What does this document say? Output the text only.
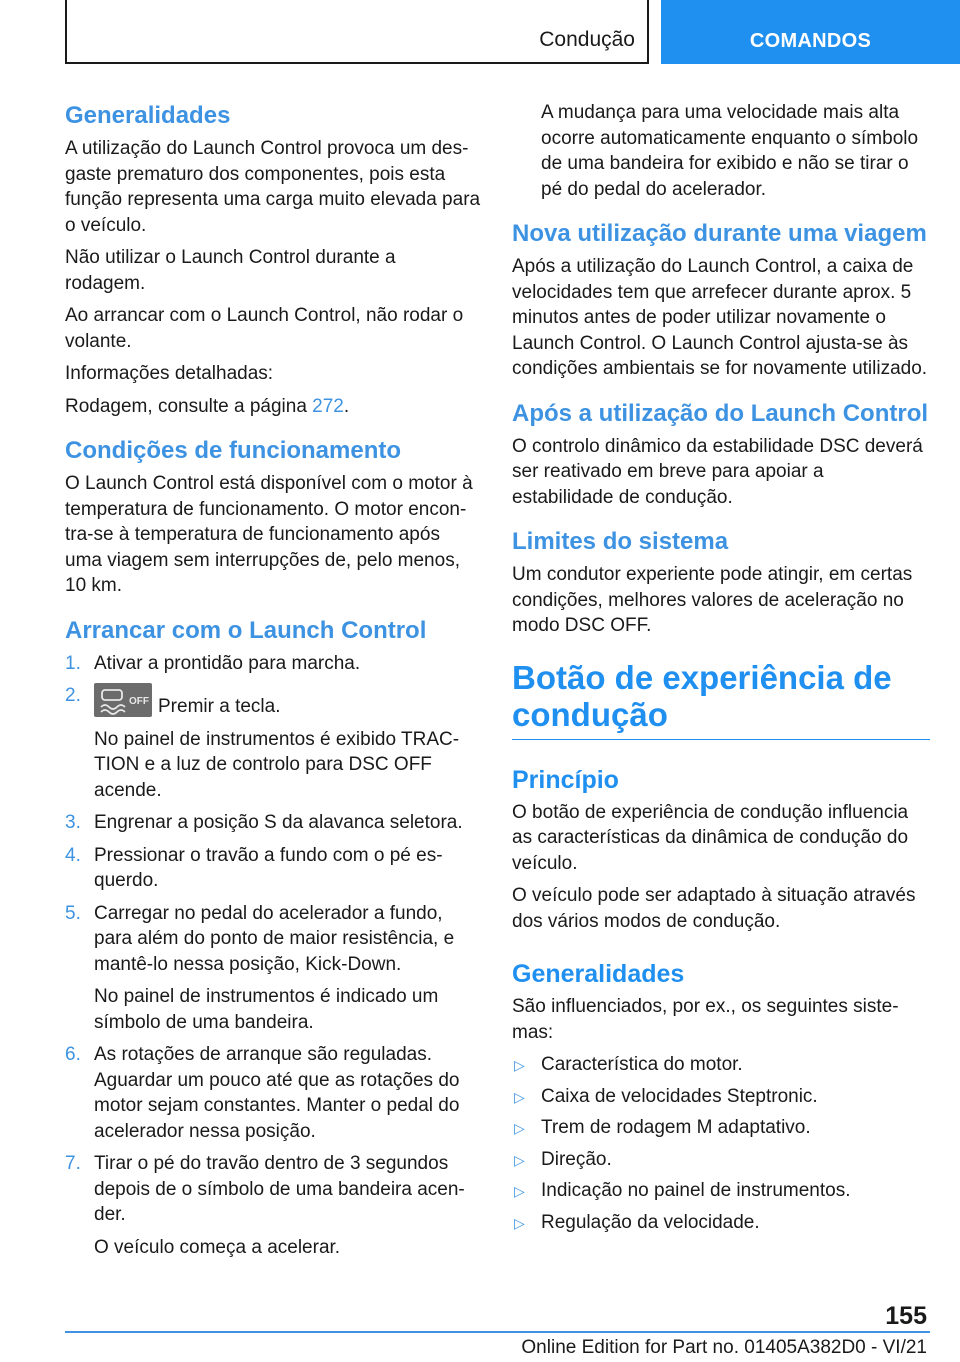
Condução	COMANDOS
Generalidades

A utilização do Launch Control provoca um desgaste prematuro dos componentes, pois esta função representa uma carga muito elevada para o veículo.

Não utilizar o Launch Control durante a rodagem.

Ao arrancar com o Launch Control, não rodar o volante.

Informações detalhadas:

Rodagem, consulte a página 272.

Condições de funcionamento

O Launch Control está disponível com o motor à temperatura de funcionamento. O motor encontra-se à temperatura de funcionamento após uma viagem sem interrupções de, pelo menos, 10 km.

Arrancar com o Launch Control
1. Ativar a prontidão para marcha.

2.	OFF Premir a tecla.

No painel de instrumentos é exibido TRACTION e a luz de controlo para DSC OFF acende.

3. Engrenar a posição S da alavanca seletora.

4. Pressionar o travão a fundo com o pé esquerdo.

5. Carregar no pedal do acelerador a fundo, para além do ponto de maior resistência, e mantê-lo nessa posição, Kick-Down.

No painel de instrumentos é indicado um símbolo de uma bandeira.

6. As rotações de arranque são reguladas. Aguardar um pouco até que as rotações do motor sejam constantes. Manter o pedal do acelerador nessa posição.

7. Tirar o pé do travão dentro de 3 segundos depois de o símbolo de uma bandeira acender.

O veículo começa a acelerar.

A mudança para uma velocidade mais alta ocorre automaticamente enquanto o símbolo de uma bandeira for exibido e não se tirar o pé do pedal do acelerador.

Nova utilização durante uma viagem

Após a utilização do Launch Control, a caixa de velocidades tem que arrefecer durante aprox. 5 minutos antes de poder utilizar novamente o Launch Control. O Launch Control ajusta-se às condições ambientais se for novamente utilizado.

Após a utilização do Launch Control

O controlo dinâmico da estabilidade DSC deverá ser reativado em breve para apoiar a estabilidade de condução.

Limites do sistema

Um condutor experiente pode atingir, em certas condições, melhores valores de aceleração no modo DSC OFF.

Botão de experiência de condução
Princípio

O botão de experiência de condução influencia as características da dinâmica de condução do veículo.

O veículo pode ser adaptado à situação através dos vários modos de condução.

Generalidades

São influenciados, por ex., os seguintes sistemas:

▷ Característica do motor.
▷ Caixa de velocidades Steptronic.
▷ Trem de rodagem M adaptativo.
▷ Direção.
▷ Indicação no painel de instrumentos.
▷ Regulação da velocidade.
155
Online Edition for Part no. 01405A382D0 - VI/21
